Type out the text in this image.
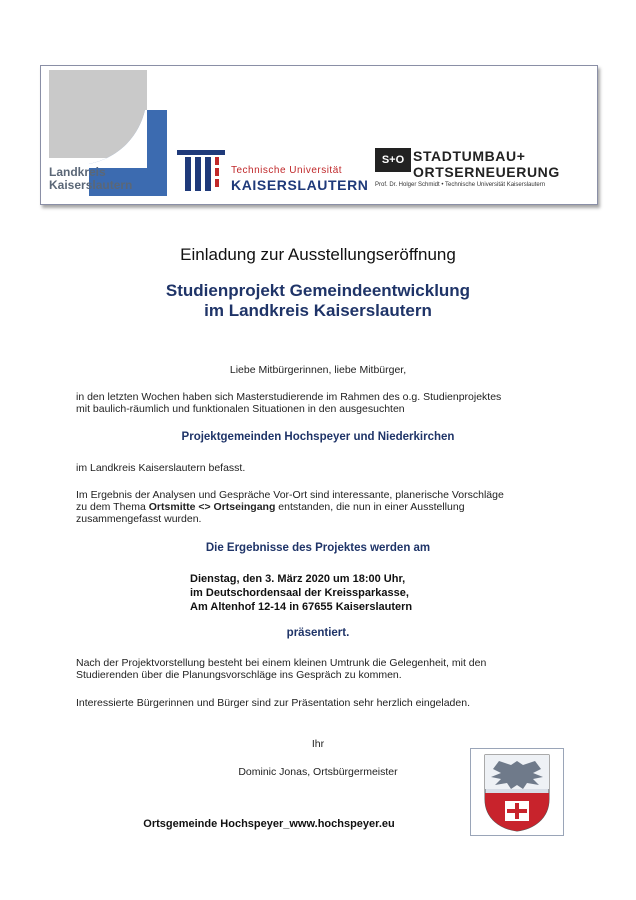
Landkreis
Kaiserslautern
Technische Universität
KAISERSLAUTERN
S+O STADTUMBAU+
ORTSERNEUERUNG
Prof. Dr. Holger Schmidt • Technische Universität Kaiserslautern
Einladung zur Ausstellungseröffnung
Studienprojekt Gemeindeentwicklung
im Landkreis Kaiserslautern
Liebe Mitbürgerinnen, liebe Mitbürger,
in den letzten Wochen haben sich Masterstudierende im Rahmen des o.g. Studienprojektes
mit baulich-räumlich und funktionalen Situationen in den ausgesuchten
Projektgemeinden Hochspeyer und Niederkirchen
im Landkreis Kaiserslautern befasst.
Im Ergebnis der Analysen und Gespräche Vor-Ort sind interessante, planerische Vorschläge
zu dem Thema Ortsmitte <> Ortseingang entstanden, die nun in einer Ausstellung
zusammengefasst wurden.
Die Ergebnisse des Projektes werden am
Dienstag, den 3. März 2020 um 18:00 Uhr,
im Deutschordensaal der Kreissparkasse,
Am Altenhof 12-14 in 67655 Kaiserslautern
präsentiert.
Nach der Projektvorstellung besteht bei einem kleinen Umtrunk die Gelegenheit, mit den
Studierenden über die Planungsvorschläge ins Gespräch zu kommen.
Interessierte Bürgerinnen und Bürger sind zur Präsentation sehr herzlich eingeladen.
Ihr
Dominic Jonas, Ortsbürgermeister
Ortsgemeinde Hochspeyer_www.hochspeyer.eu
